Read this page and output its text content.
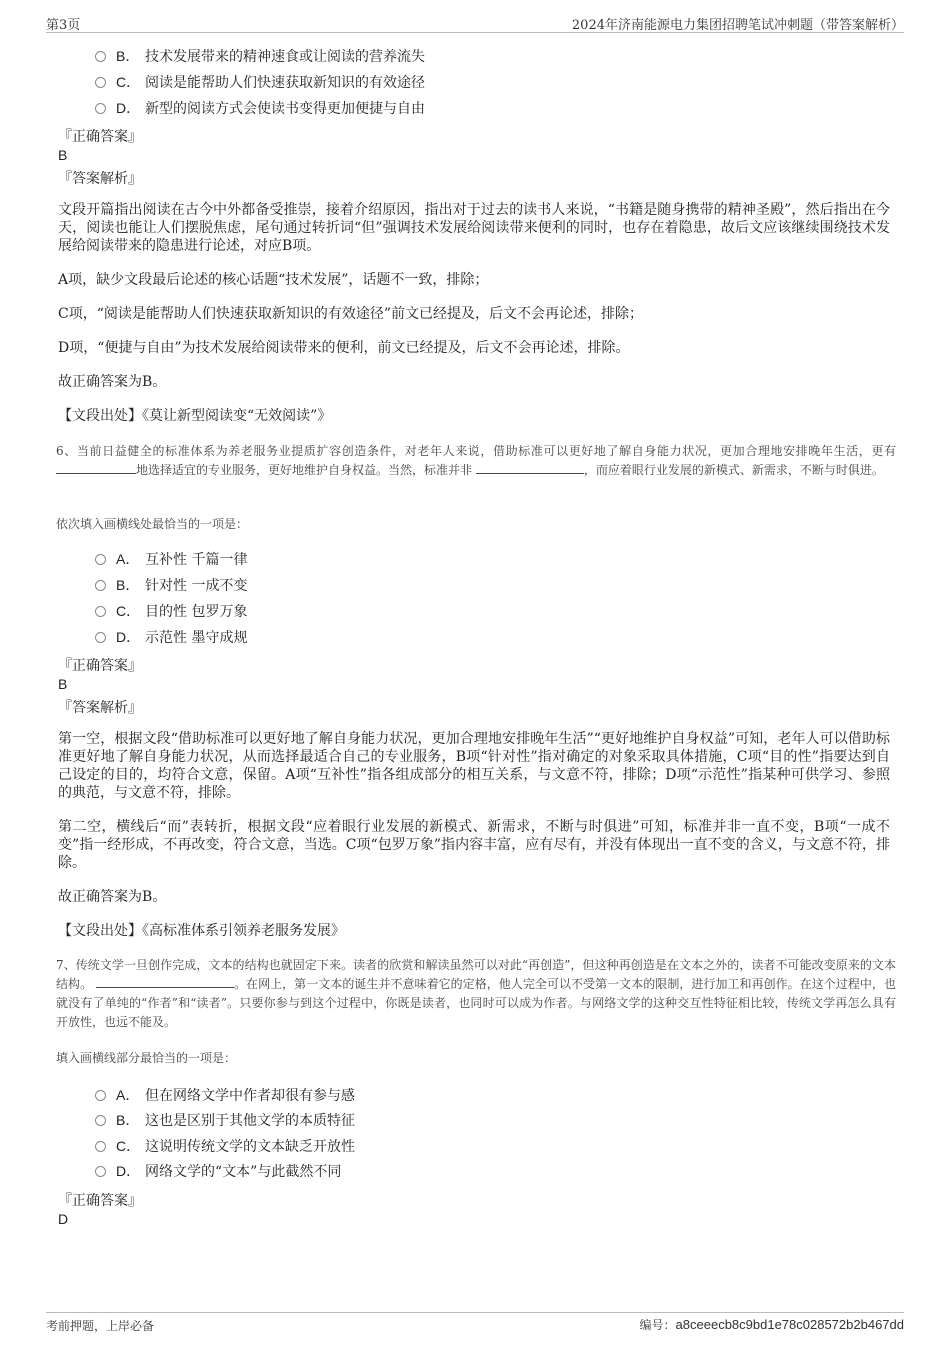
第3页	2024年济南能源电力集团招聘笔试冲刺题（带答案解析）
B． 技术发展带来的精神速食或让阅读的营养流失
C． 阅读是能帮助人们快速获取新知识的有效途径
D． 新型的阅读方式会使读书变得更加便捷与自由
『正确答案』
B
『答案解析』
文段开篇指出阅读在古今中外都备受推崇，接着介绍原因，指出对于过去的读书人来说，“书籍是随身携带的精神圣殿”，然后指出在今天，阅读也能让人们摆脱焦虑，尾句通过转折词“但”强调技术发展给阅读带来便利的同时，也存在着隐患，故后文应该继续围绕技术发展给阅读带来的隐患进行论述，对应B项。
A项，缺少文段最后论述的核心话题“技术发展”，话题不一致，排除；
C项，“阅读是能帮助人们快速获取新知识的有效途径”前文已经提及，后文不会再论述，排除；
D项，“便捷与自由”为技术发展给阅读带来的便利，前文已经提及，后文不会再论述，排除。
故正确答案为B。
【文段出处】《莫让新型阅读变“无效阅读”》
6、当前日益健全的标准体系为养老服务业提质扩容创造条件，对老年人来说，借助标准可以更好地了解自身能力状况，更加合理地安排晚年生活，更有 地选择适宜的专业服务，更好地维护自身权益。当然，标准并非	，而应着眼行业发展的新模式、新需求，不断与时俱进。
依次填入画横线处最恰当的一项是：
A． 互补性 千篇一律
B． 针对性 一成不变
C． 目的性 包罗万象
D． 示范性 墨守成规
『正确答案』
B
『答案解析』
第一空，根据文段“借助标准可以更好地了解自身能力状况，更加合理地安排晚年生活”“更好地维护自身权益”可知，老年人可以借助标准更好地了解自身能力状况，从而选择最适合自己的专业服务，B项“针对性”指对确定的对象采取具体措施，C项“目的性”指要达到自己设定的目的，均符合文意，保留。A项“互补性”指各组成部分的相互关系，与文意不符，排除；D项“示范性”指某种可供学习、参照的典范，与文意不符，排除。
第二空，横线后“而”表转折，根据文段“应着眼行业发展的新模式、新需求，不断与时俱进”可知，标准并非一直不变，B项“一成不变”指一经形成，不再改变，符合文意，当选。C项“包罗万象”指内容丰富，应有尽有，并没有体现出一直不变的含义，与文意不符，排除。
故正确答案为B。
【文段出处】《高标准体系引领养老服务发展》
7、传统文学一旦创作完成，文本的结构也就固定下来。读者的欣赏和解读虽然可以对此“再创造”，但这种再创造是在文本之外的，读者不可能改变原来的文本结构。	。在网上，第一文本的诞生并不意味着它的定格，他人完全可以不受第一文本的限制，进行加工和再创作。在这个过程中，也就没有了单纯的“作者”和“读者”。只要你参与到这个过程中，你既是读者，也同时可以成为作者。与网络文学的这种交互性特征相比较，传统文学再怎么具有开放性，也远不能及。
填入画横线部分最恰当的一项是：
A． 但在网络文学中作者却很有参与感
B． 这也是区别于其他文学的本质特征
C． 这说明传统文学的文本缺乏开放性
D． 网络文学的“文本”与此截然不同
『正确答案』
D
考前押题，上岸必备	编号：a8ceeecb8c9bd1e78c028572b2b467dd
